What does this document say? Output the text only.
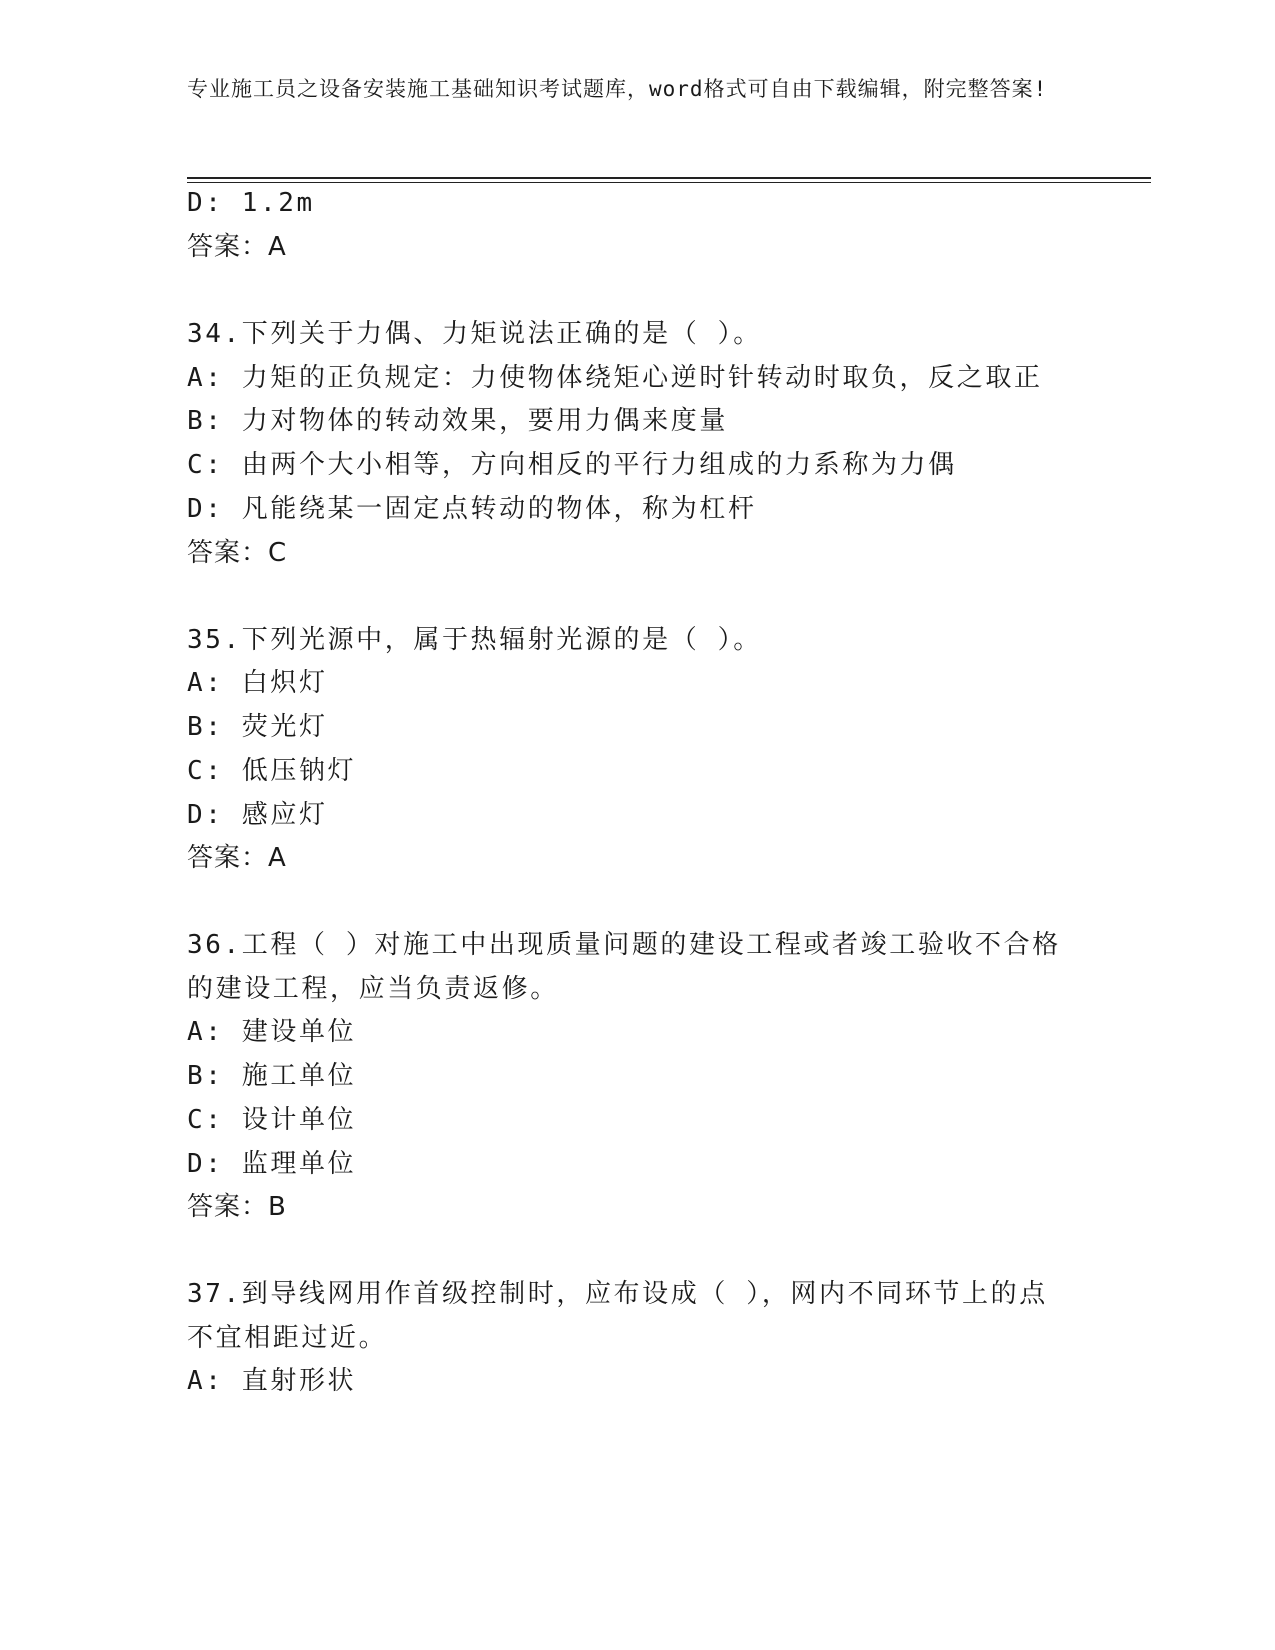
专业施工员之设备安装施工基础知识考试题库，word格式可自由下载编辑，附完整答案!
D: 1.2m
答案：A
34.下列关于力偶、力矩说法正确的是（ ）。
A: 力矩的正负规定：力使物体绕矩心逆时针转动时取负，反之取正
B: 力对物体的转动效果，要用力偶来度量
C: 由两个大小相等，方向相反的平行力组成的力系称为力偶
D: 凡能绕某一固定点转动的物体，称为杠杆
答案：C
35.下列光源中，属于热辐射光源的是（ ）。
A: 白炽灯
B: 荧光灯
C: 低压钠灯
D: 感应灯
答案：A
36.工程（ ）对施工中出现质量问题的建设工程或者竣工验收不合格
的建设工程，应当负责返修。
A: 建设单位
B: 施工单位
C: 设计单位
D: 监理单位
答案：B
37.到导线网用作首级控制时，应布设成（ ），网内不同环节上的点
不宜相距过近。
A: 直射形状
